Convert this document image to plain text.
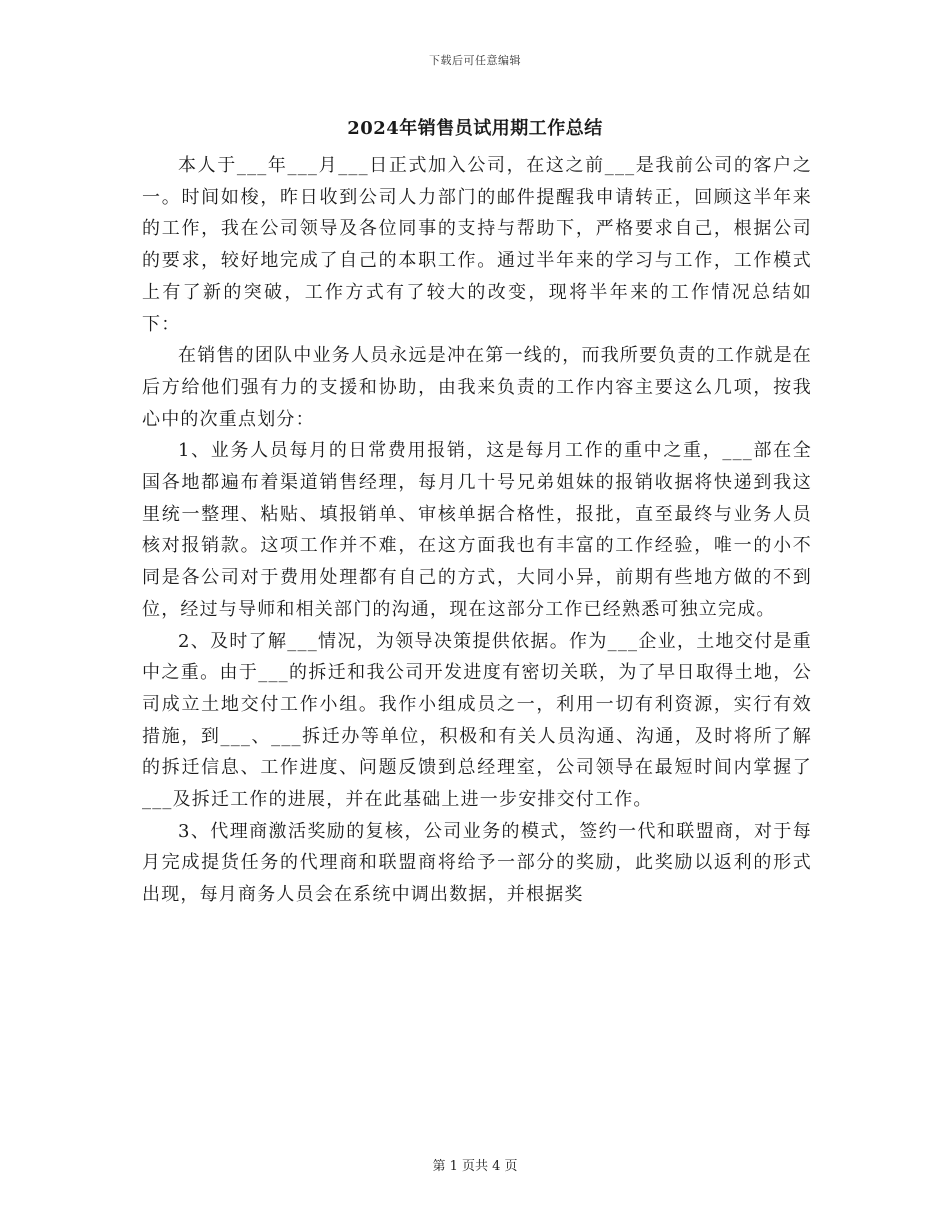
下载后可任意编辑
2024年销售员试用期工作总结

本人于___年___月___日正式加入公司，在这之前___是我前公司的客户之一。时间如梭，昨日收到公司人力部门的邮件提醒我申请转正，回顾这半年来的工作，我在公司领导及各位同事的支持与帮助下，严格要求自己，根据公司的要求，较好地完成了自己的本职工作。通过半年来的学习与工作，工作模式上有了新的突破，工作方式有了较大的改变，现将半年来的工作情况总结如下：

在销售的团队中业务人员永远是冲在第一线的，而我所要负责的工作就是在后方给他们强有力的支援和协助，由我来负责的工作内容主要这么几项，按我心中的次重点划分：

1、业务人员每月的日常费用报销，这是每月工作的重中之重，___部在全国各地都遍布着渠道销售经理，每月几十号兄弟姐妹的报销收据将快递到我这里统一整理、粘贴、填报销单、审核单据合格性，报批，直至最终与业务人员核对报销款。这项工作并不难，在这方面我也有丰富的工作经验，唯一的小不同是各公司对于费用处理都有自己的方式，大同小异，前期有些地方做的不到位，经过与导师和相关部门的沟通，现在这部分工作已经熟悉可独立完成。

2、及时了解___情况，为领导决策提供依据。作为___企业，土地交付是重中之重。由于___的拆迁和我公司开发进度有密切关联，为了早日取得土地，公司成立土地交付工作小组。我作小组成员之一，利用一切有利资源，实行有效措施，到___、___拆迁办等单位，积极和有关人员沟通、沟通，及时将所了解的拆迁信息、工作进度、问题反馈到总经理室，公司领导在最短时间内掌握了___及拆迁工作的进展，并在此基础上进一步安排交付工作。

3、代理商激活奖励的复核，公司业务的模式，签约一代和联盟商，对于每月完成提货任务的代理商和联盟商将给予一部分的奖励，此奖励以返利的形式出现，每月商务人员会在系统中调出数据，并根据奖

第 1 页共 4 页
